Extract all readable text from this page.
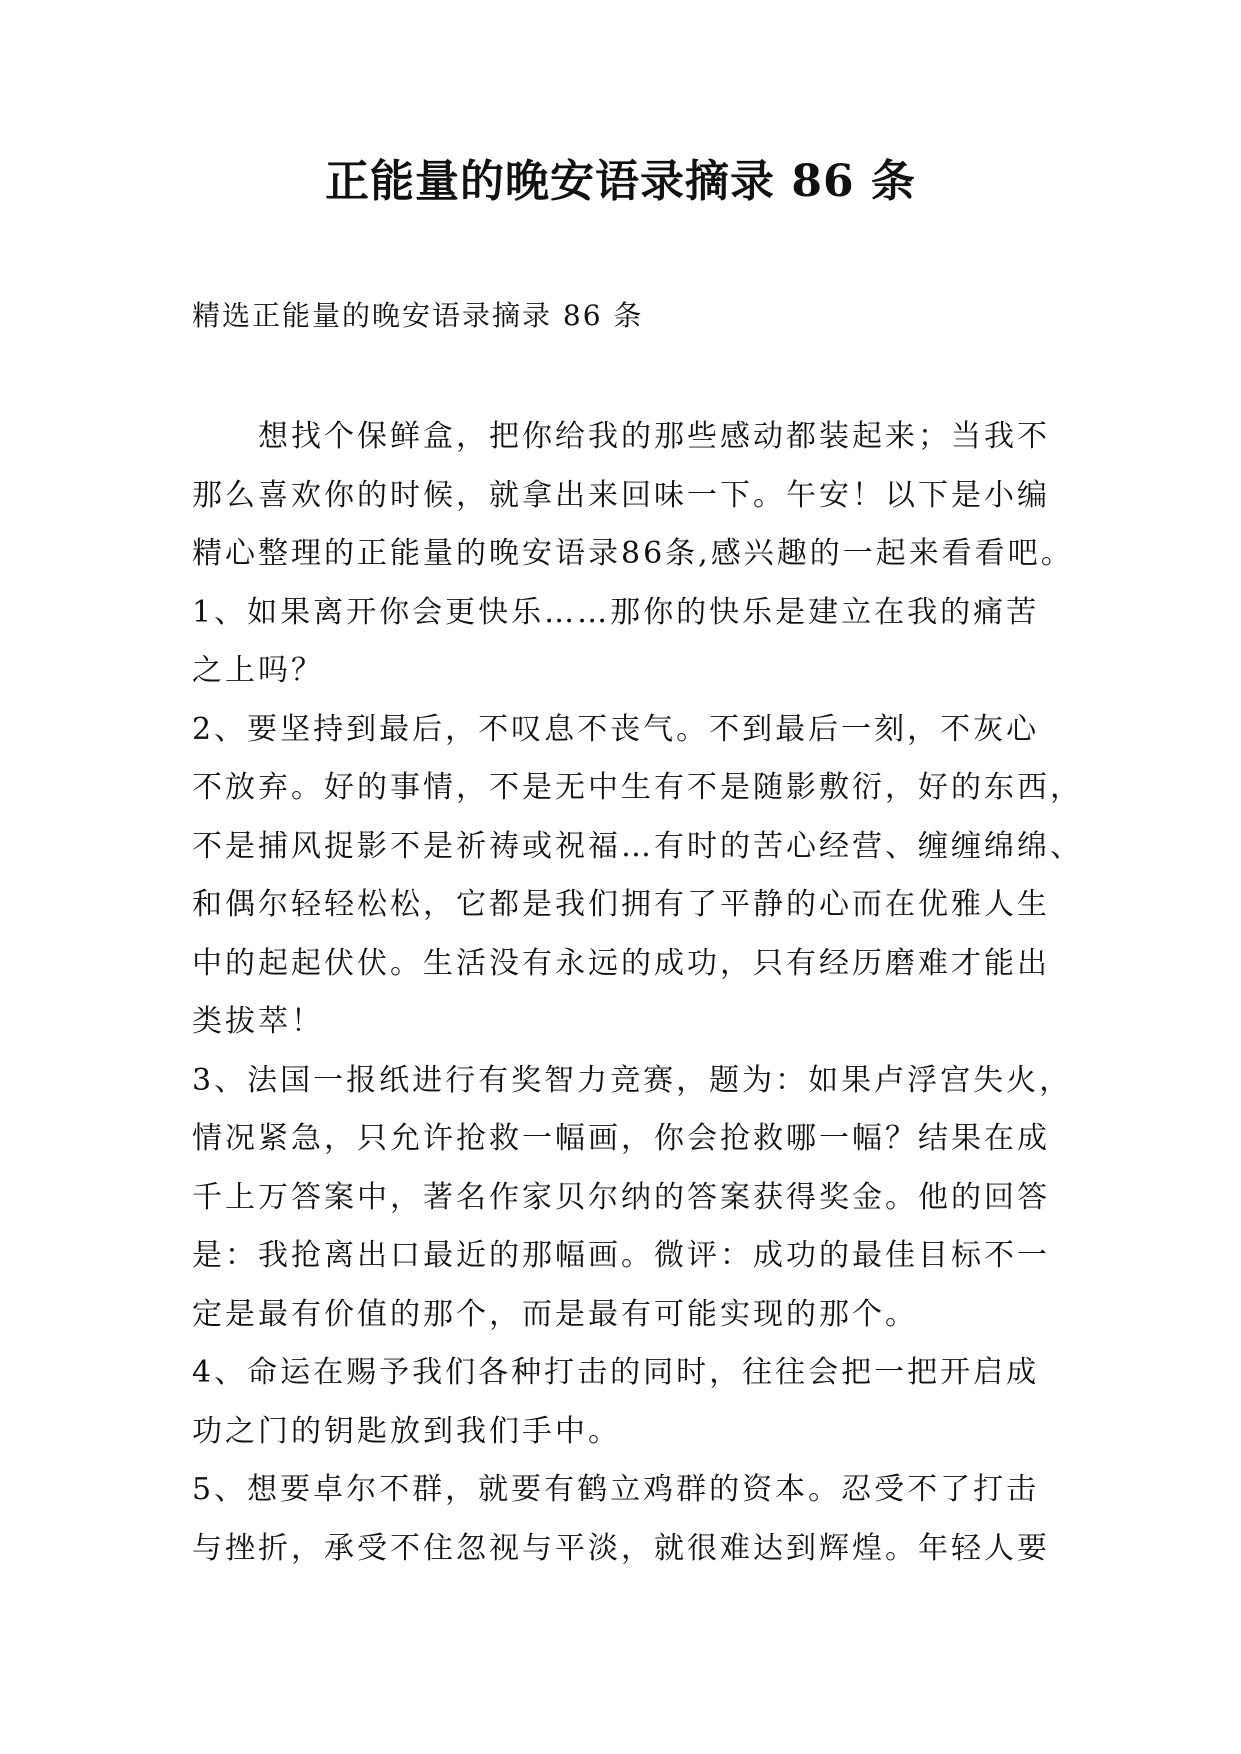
正能量的晚安语录摘录 86 条
精选正能量的晚安语录摘录 86 条
　　想找个保鲜盒，把你给我的那些感动都装起来；当我不
那么喜欢你的时候，就拿出来回味一下。午安！以下是小编
精心整理的正能量的晚安语录86条,感兴趣的一起来看看吧。
1、如果离开你会更快乐……那你的快乐是建立在我的痛苦
之上吗？
2、要坚持到最后，不叹息不丧气。不到最后一刻，不灰心
不放弃。好的事情，不是无中生有不是随影敷衍，好的东西，
不是捕风捉影不是祈祷或祝福…有时的苦心经营、缠缠绵绵、
和偶尔轻轻松松，它都是我们拥有了平静的心而在优雅人生
中的起起伏伏。生活没有永远的成功，只有经历磨难才能出
类拔萃！
3、法国一报纸进行有奖智力竞赛，题为：如果卢浮宫失火，
情况紧急，只允许抢救一幅画，你会抢救哪一幅？结果在成
千上万答案中，著名作家贝尔纳的答案获得奖金。他的回答
是：我抢离出口最近的那幅画。微评：成功的最佳目标不一
定是最有价值的那个，而是最有可能实现的那个。
4、命运在赐予我们各种打击的同时，往往会把一把开启成
功之门的钥匙放到我们手中。
5、想要卓尔不群，就要有鹤立鸡群的资本。忍受不了打击
与挫折，承受不住忽视与平淡，就很难达到辉煌。年轻人要
